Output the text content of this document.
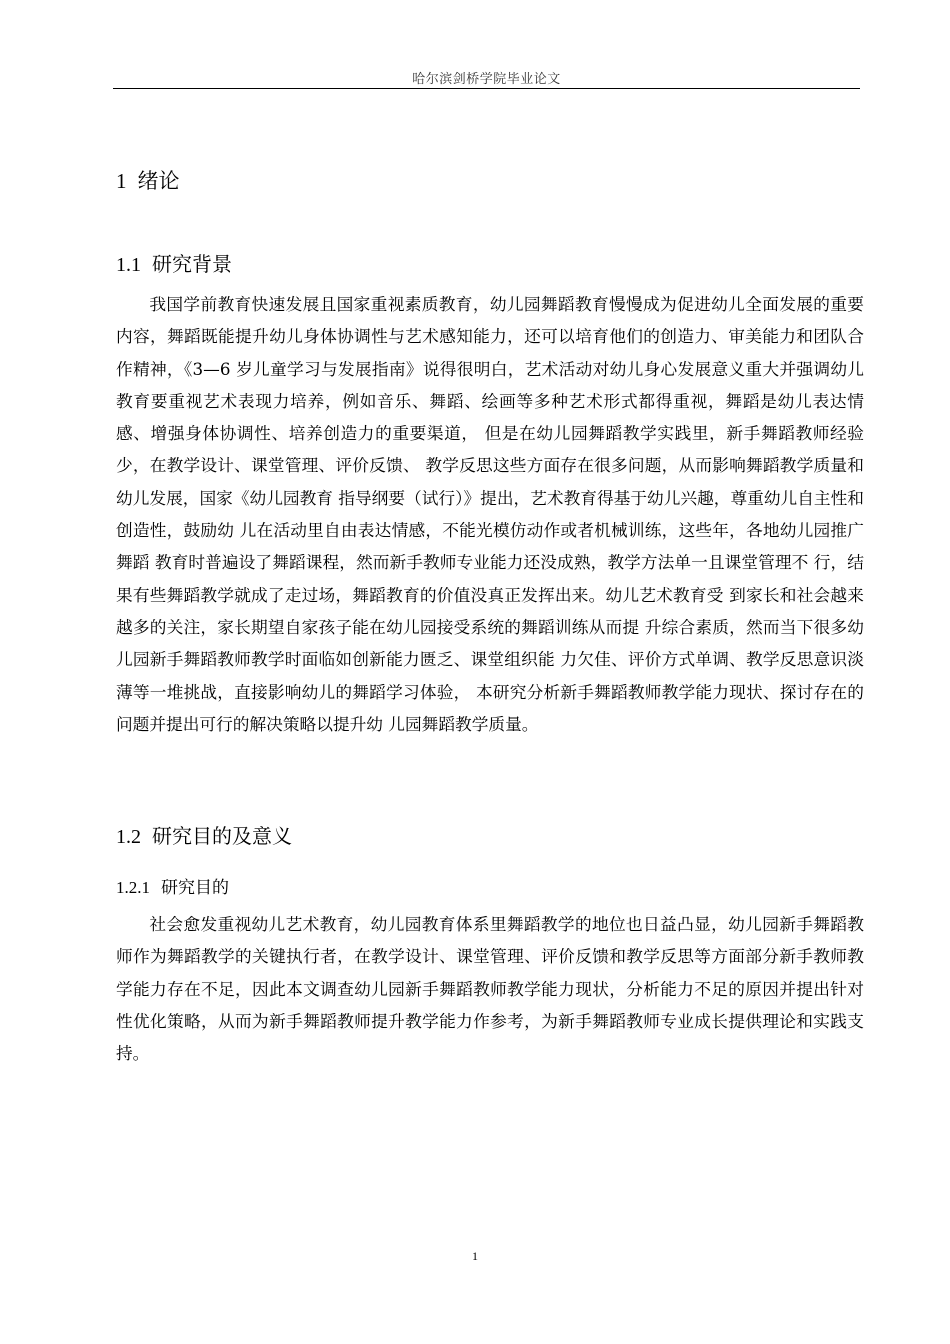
哈尔滨剑桥学院毕业论文
1 绪论
1.1 研究背景

我国学前教育快速发展且国家重视素质教育，幼儿园舞蹈教育慢慢成为促进幼儿全面发展的重要内容，舞蹈既能提升幼儿身体协调性与艺术感知能力，还可以培育他们的创造力、审美能力和团队合作精神，《3—6 岁儿童学习与发展指南》说得很明白，艺术活动对幼儿身心发展意义重大并强调幼儿教育要重视艺术表现力培养，例如音乐、舞蹈、绘画等多种艺术形式都得重视，舞蹈是幼儿表达情感、增强身体协调性、培养创造力的重要渠道， 但是在幼儿园舞蹈教学实践里，新手舞蹈教师经验少，在教学设计、课堂管理、评价反馈、 教学反思这些方面存在很多问题，从而影响舞蹈教学质量和幼儿发展，国家《幼儿园教育 指导纲要（试行）》提出，艺术教育得基于幼儿兴趣，尊重幼儿自主性和创造性，鼓励幼 儿在活动里自由表达情感，不能光模仿动作或者机械训练，这些年，各地幼儿园推广舞蹈 教育时普遍设了舞蹈课程，然而新手教师专业能力还没成熟，教学方法单一且课堂管理不 行，结果有些舞蹈教学就成了走过场，舞蹈教育的价值没真正发挥出来。幼儿艺术教育受 到家长和社会越来越多的关注，家长期望自家孩子能在幼儿园接受系统的舞蹈训练从而提 升综合素质，然而当下很多幼儿园新手舞蹈教师教学时面临如创新能力匮乏、课堂组织能 力欠佳、评价方式单调、教学反思意识淡薄等一堆挑战，直接影响幼儿的舞蹈学习体验， 本研究分析新手舞蹈教师教学能力现状、探讨存在的问题并提出可行的解决策略以提升幼 儿园舞蹈教学质量。

1.2 研究目的及意义
1.2.1 研究目的

社会愈发重视幼儿艺术教育，幼儿园教育体系里舞蹈教学的地位也日益凸显，幼儿园新手舞蹈教师作为舞蹈教学的关键执行者，在教学设计、课堂管理、评价反馈和教学反思等方面部分新手教师教学能力存在不足，因此本文调查幼儿园新手舞蹈教师教学能力现状，分析能力不足的原因并提出针对性优化策略，从而为新手舞蹈教师提升教学能力作参考，为新手舞蹈教师专业成长提供理论和实践支持。

1
